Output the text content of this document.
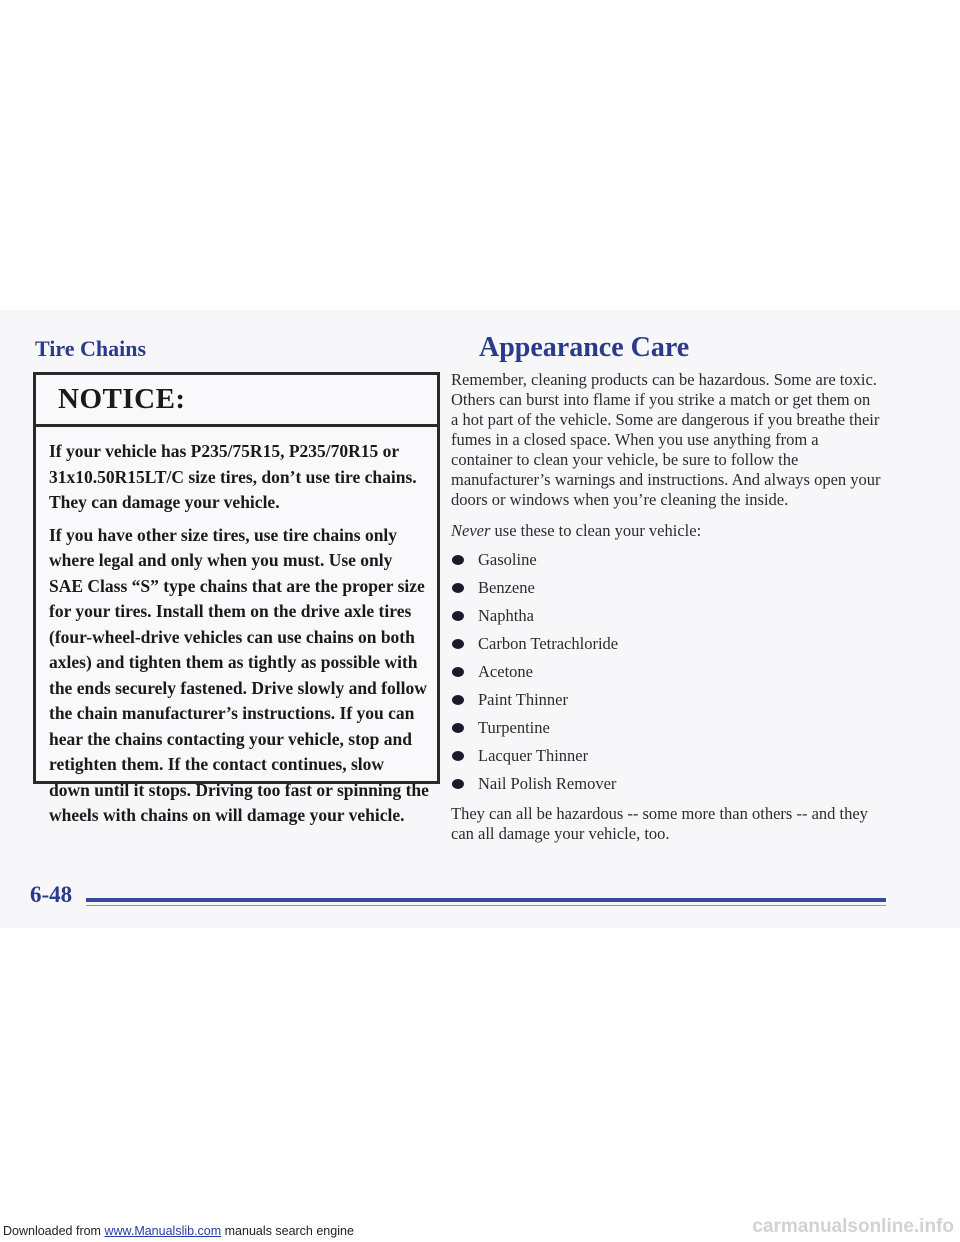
Tire Chains
NOTICE:

If your vehicle has P235/75R15, P235/70R15 or 31x10.50R15LT/C size tires, don’t use tire chains. They can damage your vehicle.

If you have other size tires, use tire chains only where legal and only when you must. Use only SAE Class “S” type chains that are the proper size for your tires. Install them on the drive axle tires (four-wheel-drive vehicles can use chains on both axles) and tighten them as tightly as possible with the ends securely fastened. Drive slowly and follow the chain manufacturer’s instructions. If you can hear the chains contacting your vehicle, stop and retighten them. If the contact continues, slow down until it stops. Driving too fast or spinning the wheels with chains on will damage your vehicle.

Appearance Care

Remember, cleaning products can be hazardous. Some are toxic. Others can burst into flame if you strike a match or get them on a hot part of the vehicle. Some are dangerous if you breathe their fumes in a closed space. When you use anything from a container to clean your vehicle, be sure to follow the manufacturer’s warnings and instructions. And always open your doors or windows when you’re cleaning the inside.

Never use these to clean your vehicle:

Gasoline
Benzene
Naphtha
Carbon Tetrachloride
Acetone
Paint Thinner
Turpentine
Lacquer Thinner
Nail Polish Remover

They can all be hazardous -- some more than others -- and they can all damage your vehicle, too.

6-48
Downloaded from www.Manualslib.com manuals search engine	carmanualsonline.info
